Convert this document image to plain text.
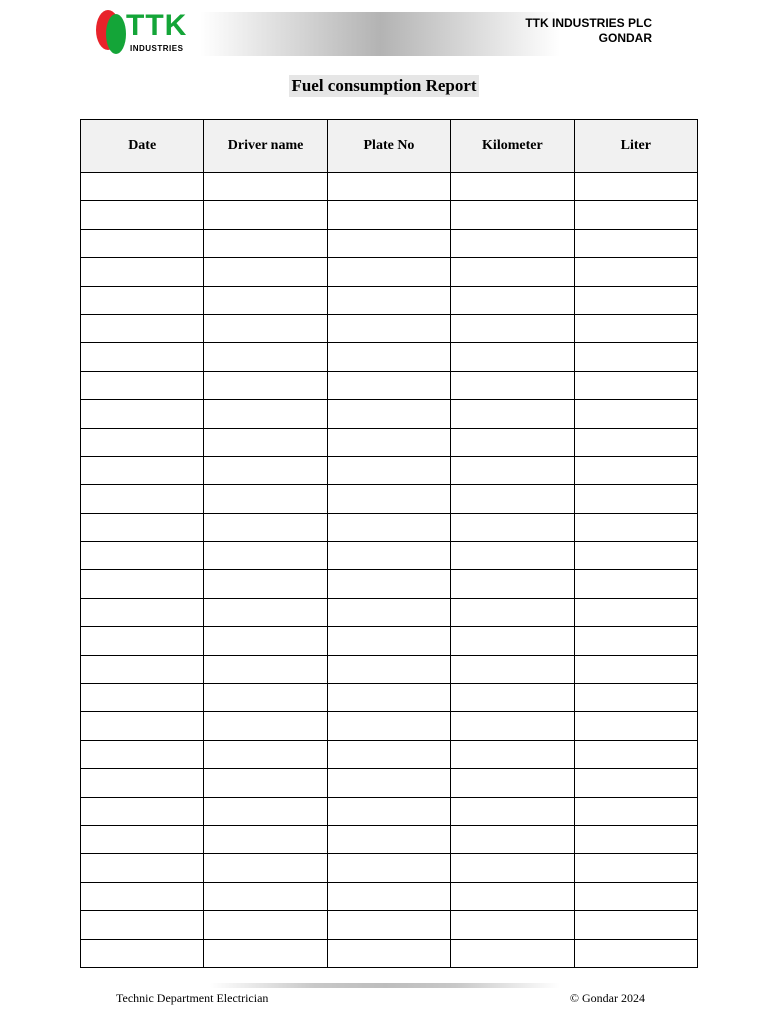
TTK
INDUSTRIES
TTK INDUSTRIES PLC
GONDAR
Fuel consumption Report
Date	Driver name	Plate No	Kilometer	Liter

Technic Department Electrician	© Gondar 2024
